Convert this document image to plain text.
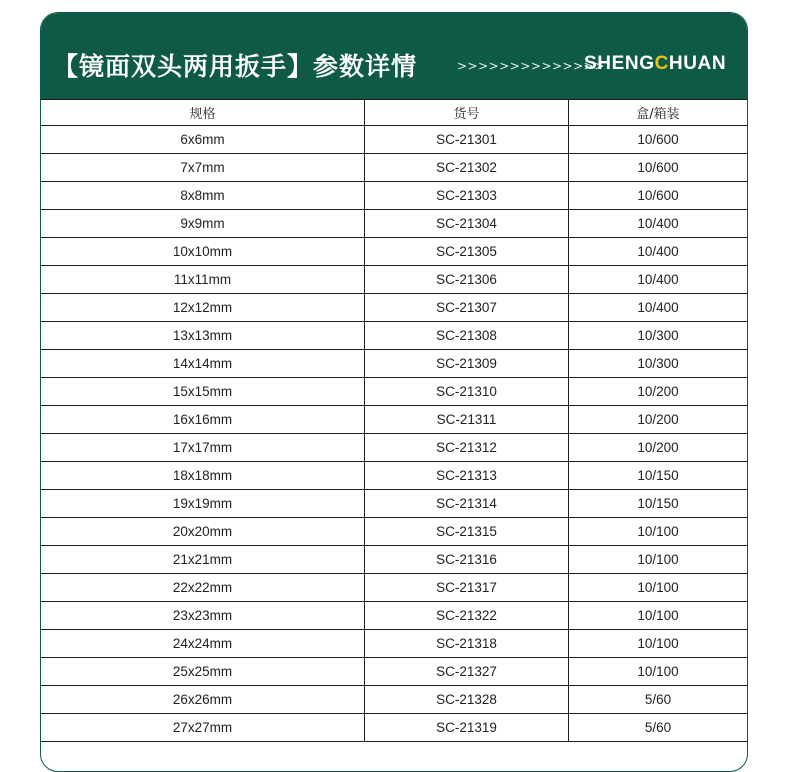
【镜面双头两用扳手】参数详情	>>>>>>>>>>>>>>
SHENGCHUAN
规格	货号	盒/箱装
6x6mm	SC-21301	10/600
7x7mm	SC-21302	10/600
8x8mm	SC-21303	10/600
9x9mm	SC-21304	10/400
10x10mm	SC-21305	10/400
11x11mm	SC-21306	10/400
12x12mm	SC-21307	10/400
13x13mm	SC-21308	10/300
14x14mm	SC-21309	10/300
15x15mm	SC-21310	10/200
16x16mm	SC-21311	10/200
17x17mm	SC-21312	10/200
18x18mm	SC-21313	10/150
19x19mm	SC-21314	10/150
20x20mm	SC-21315	10/100
21x21mm	SC-21316	10/100
22x22mm	SC-21317	10/100
23x23mm	SC-21322	10/100
24x24mm	SC-21318	10/100
25x25mm	SC-21327	10/100
26x26mm	SC-21328	5/60
27x27mm	SC-21319	5/60
